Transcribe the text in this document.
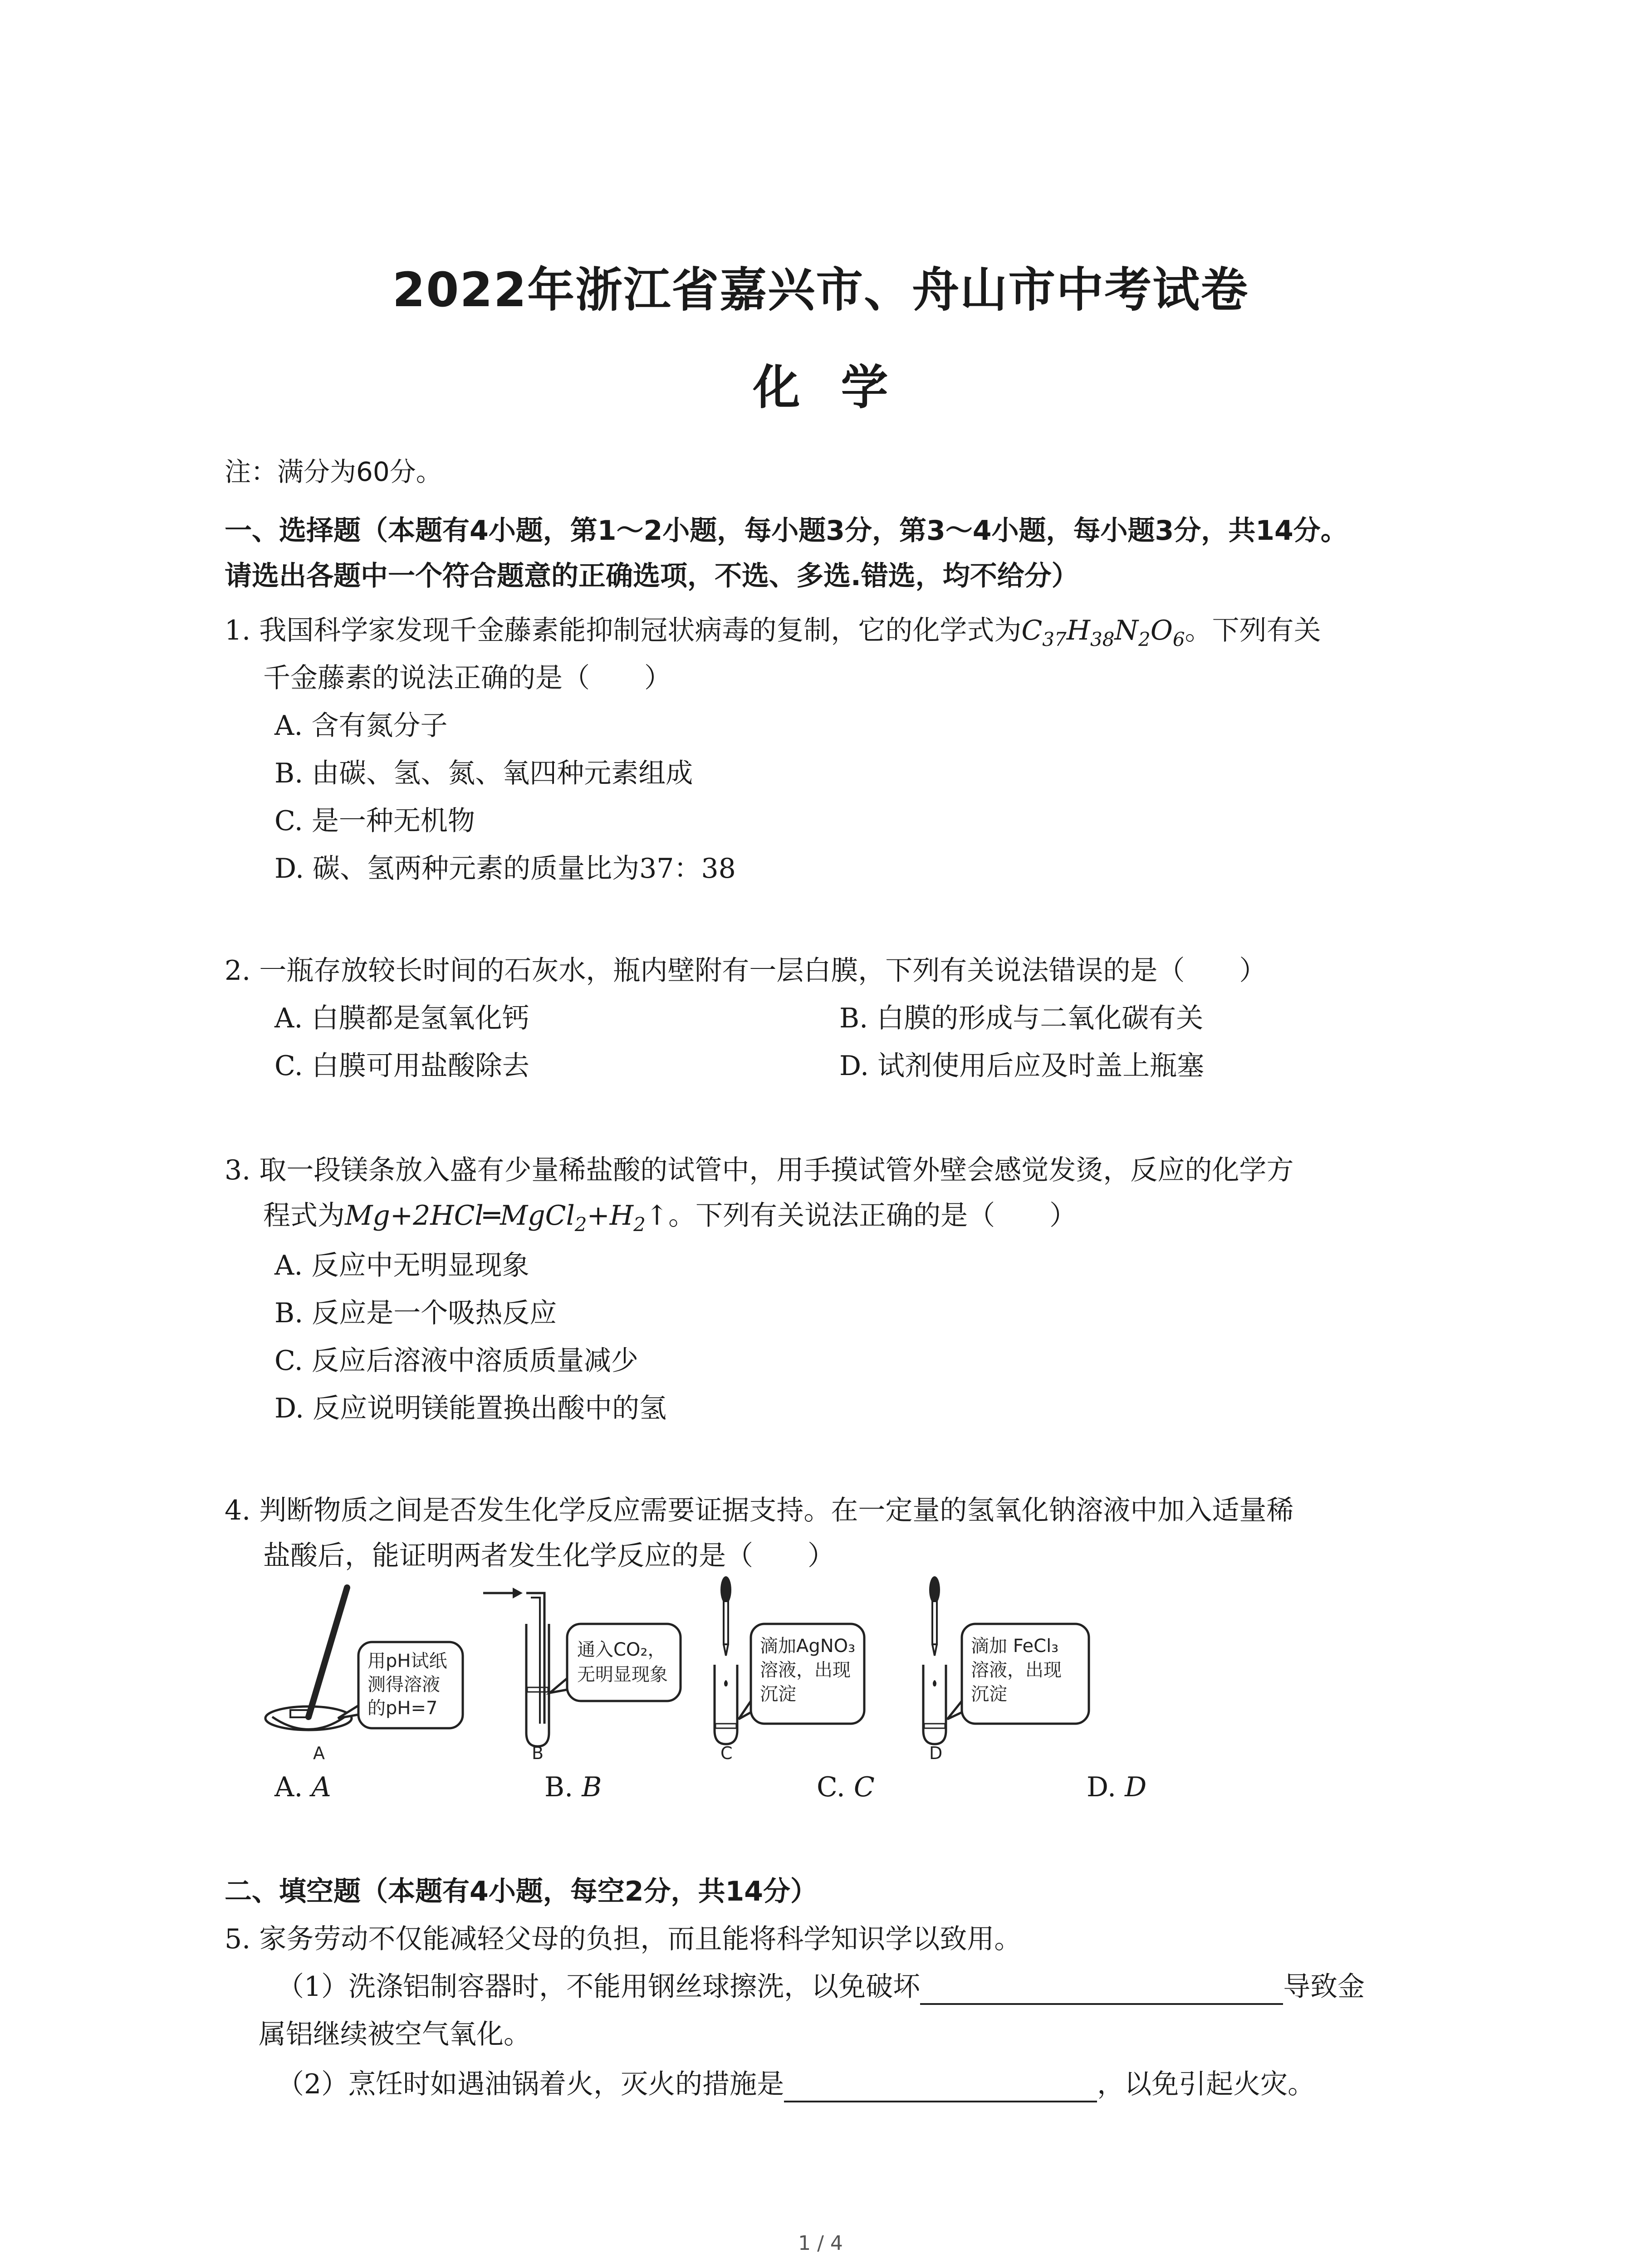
2022年浙江省嘉兴市、舟山市中考试卷
化学
注：满分为60分。
一、选择题（本题有4小题，第1～2小题，每小题3分，第3～4小题，每小题3分，共14分。
请选出各题中一个符合题意的正确选项，不选、多选.错选，均不给分）
1. 我国科学家发现千金藤素能抑制冠状病毒的复制，它的化学式为$C_{37}H_{38}N_2O_6$。下列有关
千金藤素的说法正确的是（　　）
A. 含有氮分子
B. 由碳、氢、氮、氧四种元素组成
C. 是一种无机物
D. 碳、氢两种元素的质量比为37：38
2. 一瓶存放较长时间的石灰水，瓶内壁附有一层白膜，下列有关说法错误的是（　　）
A. 白膜都是氢氧化钙	B. 白膜的形成与二氧化碳有关
C. 白膜可用盐酸除去	D. 试剂使用后应及时盖上瓶塞
3. 取一段镁条放入盛有少量稀盐酸的试管中，用手摸试管外壁会感觉发烫，反应的化学方
程式为$Mg+2HCl═MgCl_2+H_2↑$。下列有关说法正确的是（　　）
A. 反应中无明显现象
B. 反应是一个吸热反应
C. 反应后溶液中溶质质量减少
D. 反应说明镁能置换出酸中的氢
4. 判断物质之间是否发生化学反应需要证据支持。在一定量的氢氧化钠溶液中加入适量稀
盐酸后，能证明两者发生化学反应的是（　　）
用pH试纸
测得溶液
的pH=7
A
通入CO₂，
无明显现象
B
滴加AgNO₃
溶液，出现
沉淀
C
滴加 FeCl₃
溶液，出现
沉淀
D
A. A	B. B	C. C	D. D
二、填空题（本题有4小题，每空2分，共14分）
5. 家务劳动不仅能减轻父母的负担，而且能将科学知识学以致用。
（1）洗涤铝制容器时，不能用钢丝球擦洗，以免破坏	导致金
属铝继续被空气氧化。
（2）烹饪时如遇油锅着火，灭火的措施是	，以免引起火灾。
1 / 4
